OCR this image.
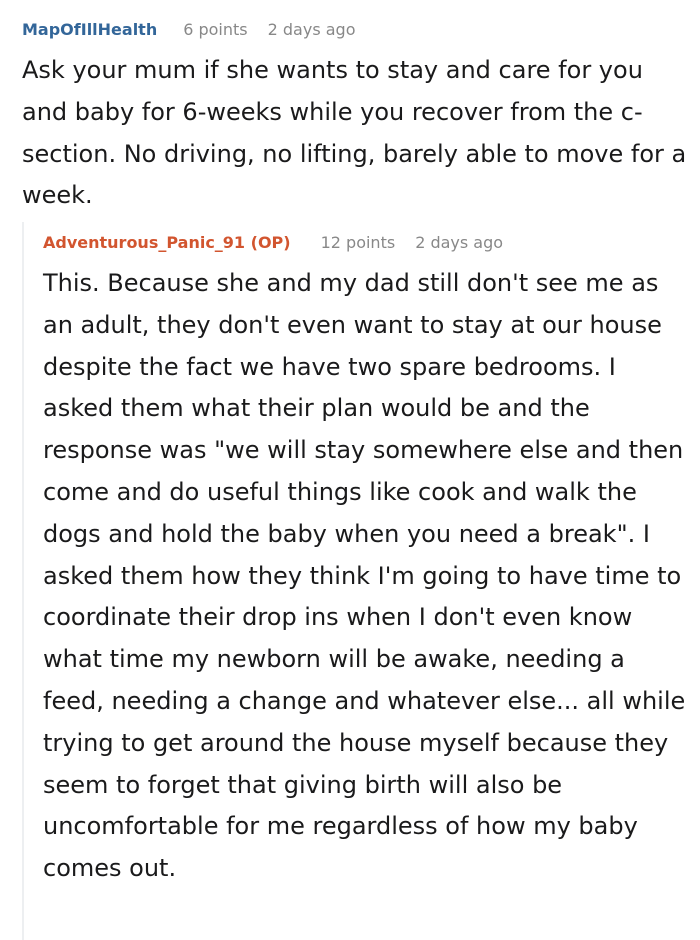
MapOfIllHealth 6 points 2 days ago

Ask your mum if she wants to stay and care for you and baby for 6-weeks while you recover from the c-section. No driving, no lifting, barely able to move for a week.

Adventurous_Panic_91 (OP) 12 points 2 days ago

This. Because she and my dad still don't see me as an adult, they don't even want to stay at our house despite the fact we have two spare bedrooms. I asked them what their plan would be and the response was "we will stay somewhere else and then come and do useful things like cook and walk the dogs and hold the baby when you need a break". I asked them how they think I'm going to have time to coordinate their drop ins when I don't even know what time my newborn will be awake, needing a feed, needing a change and whatever else... all while trying to get around the house myself because they seem to forget that giving birth will also be uncomfortable for me regardless of how my baby comes out.
